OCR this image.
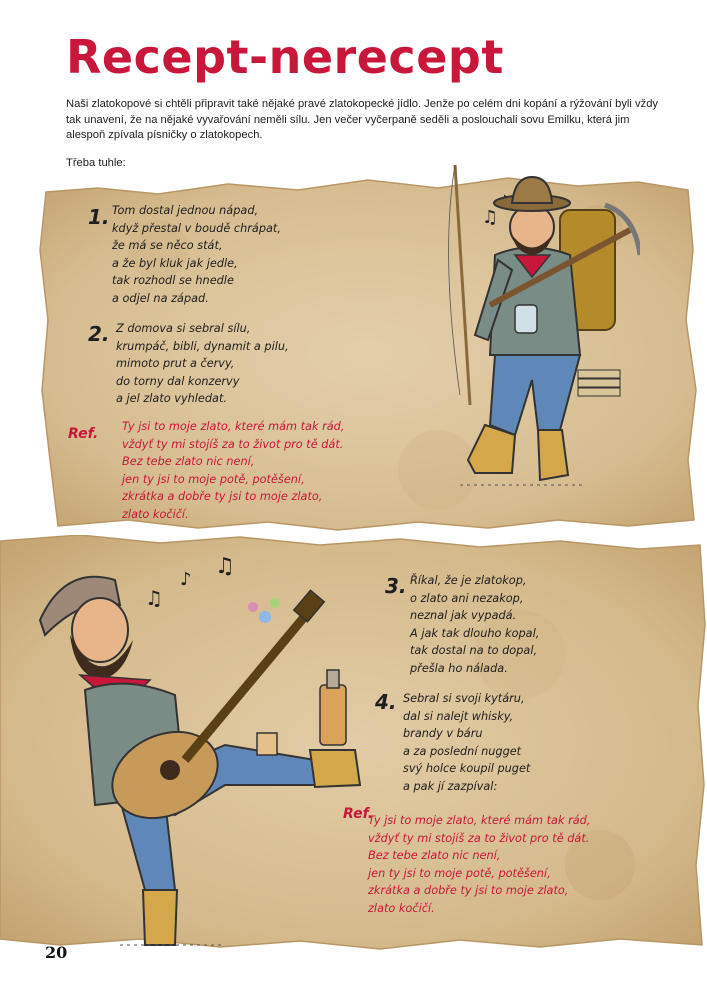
Recept-nerecept
Naši zlatokopové si chtěli připravit také nějaké pravé zlatokopecké jídlo. Jenže po celém dni kopání a rýžování byli vždy tak unavení, že na nějaké vyvařování neměli sílu. Jen večer vyčerpaně seděli a poslouchali sovu Emilku, která jim alespoň zpívala písničky o zlatokopech.
Třeba tuhle:
1. Tom dostal jednou nápad,
když přestal v boudě chrápat,
že má se něco stát,
a že byl kluk jak jedle,
tak rozhodl se hnedle
a odjel na západ.
2. Z domova si sebral sílu,
krumpáč, bibli, dynamit a pilu,
mimoto prut a červy,
do torny dal konzervy
a jel zlato vyhledat.
Ref. Ty jsi to moje zlato, které mám tak rád,
vždyť ty mi stojíš za to život pro tě dát.
Bez tebe zlato nic není,
jen ty jsi to moje potě, potěšení,
zkrátka a dobře ty jsi to moje zlato,
zlato kočičí.
3. Říkal, že je zlatokop,
o zlato ani nezakop,
neznal jak vypadá.
A jak tak dlouho kopal,
tak dostal na to dopal,
přešla ho nálada.
4. Sebral si svoji kytáru,
dal si nalejt whisky,
brandy v báru
a za poslední nugget
svý holce koupil puget
a pak jí zazpíval:
Ref.
Ty jsi to moje zlato, které mám tak rád,
vždyť ty mi stojíš za to život pro tě dát.
Bez tebe zlato nic není,
jen ty jsi to moje potě, potěšení,
zkrátka a dobře ty jsi to moje zlato,
zlato kočičí.
♫
♫
♪
♫
20
